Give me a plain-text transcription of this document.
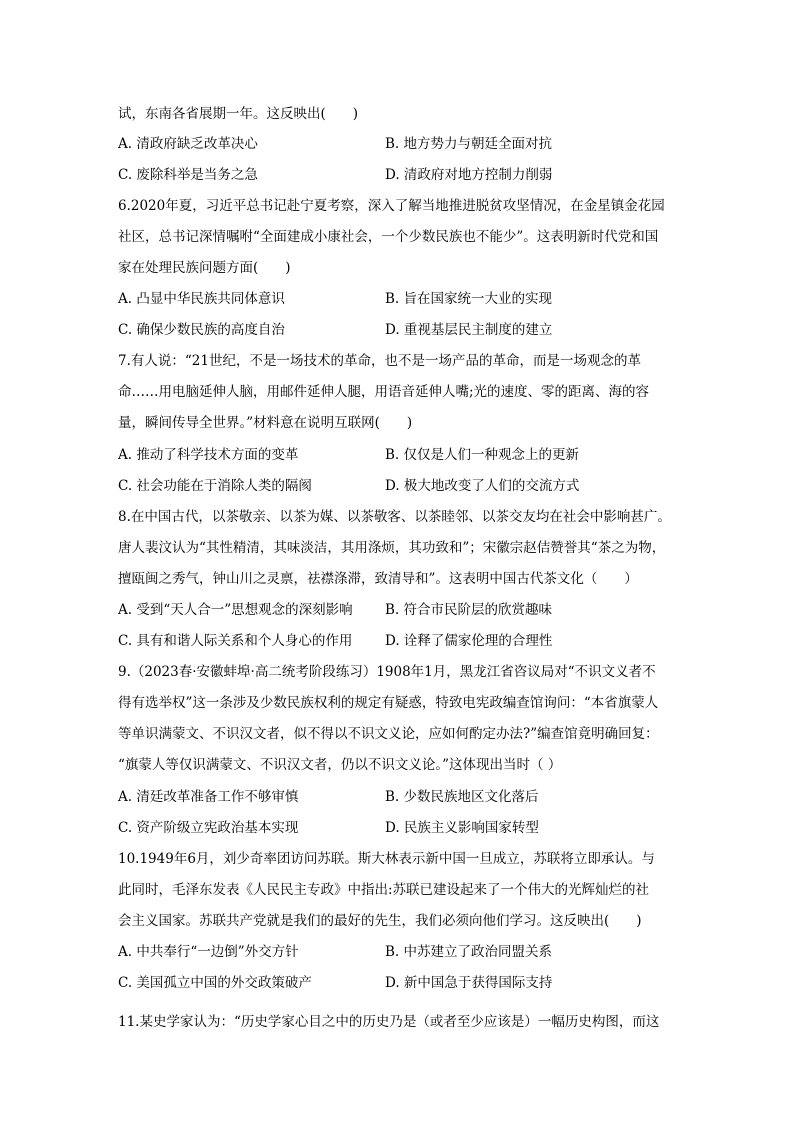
试，东南各省展期一年。这反映出(　　)
A. 清政府缺乏改革决心	B. 地方势力与朝廷全面对抗
C. 废除科举是当务之急	D. 清政府对地方控制力削弱
6.2020年夏，习近平总书记赴宁夏考察，深入了解当地推进脱贫攻坚情况，在金星镇金花园
社区，总书记深情嘱咐“全面建成小康社会，一个少数民族也不能少”。这表明新时代党和国
家在处理民族问题方面(　　)
A. 凸显中华民族共同体意识	B. 旨在国家统一大业的实现
C. 确保少数民族的高度自治	D. 重视基层民主制度的建立
7.有人说：“21世纪，不是一场技术的革命，也不是一场产品的革命，而是一场观念的革
命……用电脑延伸人脑，用邮件延伸人腿，用语音延伸人嘴;光的速度、零的距离、海的容
量，瞬间传导全世界。”材料意在说明互联网(　　)
A. 推动了科学技术方面的变革	B. 仅仅是人们一种观念上的更新
C. 社会功能在于消除人类的隔阂	D. 极大地改变了人们的交流方式
8.在中国古代，以茶敬亲、以茶为媒、以茶敬客、以茶睦邻、以茶交友均在社会中影响甚广。
唐人裴汶认为“其性精清，其味淡洁，其用涤烦，其功致和”；宋徽宗赵佶赞誉其“茶之为物，
擅瓯闽之秀气，钟山川之灵禀，祛襟涤滞，致清导和”。这表明中国古代茶文化（　　）
A. 受到“天人合一”思想观念的深刻影响 B. 符合市民阶层的欣赏趣味
C. 具有和谐人际关系和个人身心的作用 D. 诠释了儒家伦理的合理性
9.（2023春·安徽蚌埠·高二统考阶段练习）1908年1月，黑龙江省咨议局对“不识文义者不
得有选举权”这一条涉及少数民族权利的规定有疑惑，特致电宪政编查馆询问：“本省旗蒙人
等单识满蒙文、不识汉文者，似不得以不识文义论，应如何酌定办法?”编查馆竟明确回复：
“旗蒙人等仅识满蒙文、不识汉文者，仍以不识文义论。”这体现出当时（ ）
A. 清廷改革准备工作不够审慎	B. 少数民族地区文化落后
C. 资产阶级立宪政治基本实现	D. 民族主义影响国家转型
10.1949年6月，刘少奇率团访问苏联。斯大林表示新中国一旦成立，苏联将立即承认。与
此同时，毛泽东发表《人民民主专政》中指出:苏联已建设起来了一个伟大的光辉灿烂的社
会主义国家。苏联共产党就是我们的最好的先生，我们必须向他们学习。这反映出(　　)
A. 中共奉行“一边倒”外交方针	B. 中苏建立了政治同盟关系
C. 美国孤立中国的外交政策破产	D. 新中国急于获得国际支持
11.某史学家认为：“历史学家心目之中的历史乃是（或者至少应该是）一幅历史构图，而这
